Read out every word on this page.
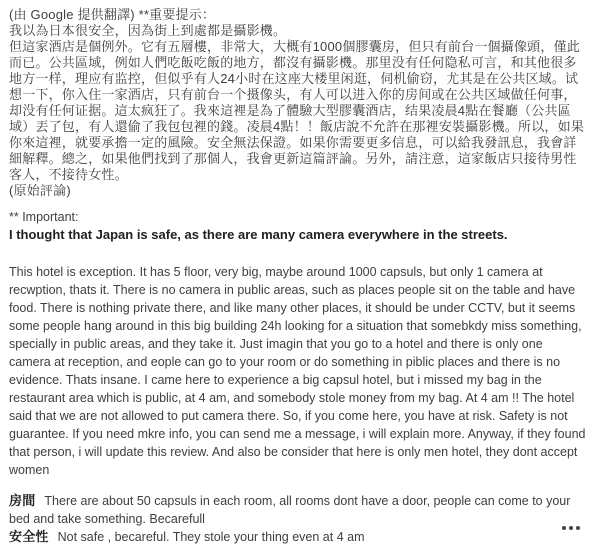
(由 Google 提供翻譯) **重要提示：
我以為日本很安全，因為街上到處都是攝影機。
但這家酒店是個例外。它有五層樓，非常大，大概有1000個膠囊房，但只有前台一個攝像頭，僅此而已。公共區域，例如人們吃飯吃飯的地方，都沒有攝影機。那里没有任何隐私可言，和其他很多地方一样，理应有监控，但似乎有人24小时在这座大楼里闲逛，伺机偷窃，尤其是在公共区域。试想一下，你入住一家酒店，只有前台一个摄像头，有人可以进入你的房间或在公共区域做任何事，却没有任何证据。這太疯狂了。我來這裡是為了體驗大型膠囊酒店，结果凌晨4點在餐廳（公共區域）丟了包，有人還偷了我包包裡的錢。凌晨4點！！飯店說不允許在那裡安裝攝影機。所以，如果你來這裡，就要承擔一定的風險。安全無法保證。如果你需要更多信息，可以給我發訊息，我會詳細解釋。總之，如果他們找到了那個人，我會更新這篇評論。另外，請注意，這家飯店只接待男性客人，不接待女性。
(原始評論)
** Important:
I thought that Japan is safe, as there are many camera everywhere in the streets.
This hotel is exception. It has 5 floor, very big, maybe around 1000 capsuls, but only 1 camera at recwption, thats it. There is no camera in public areas, such as places people sit on the table and have food. There is nothing private there, and like many other places, it should be under CCTV, but it seems some people hang around in this big building 24h looking for a situation that somebkdy miss something, specially in public areas, and they take it. Just imagin that you go to a hotel and there is only one camera at reception, and eople can go to your room or do something in piblic places and there is no evidence. Thats insane. I came here to experience a big capsul hotel, but i missed my bag in the restaurant area which is public, at 4 am, and somebody stole money from my bag. At 4 am !! The hotel said that we are not allowed to put camera there. So, if you come here, you have at risk. Safety is not guarantee. If you need mkre info, you can send me a message, i will explain more. Anyway, if they found that person, i will update this review. And also be consider that here is only men hotel, they dont accept women
房間 There are about 50 capsuls in each room, all rooms dont have a door, people can come to your bed and take something. Becarefull
安全性 Not safe , becareful. They stole your thing even at 4 am
